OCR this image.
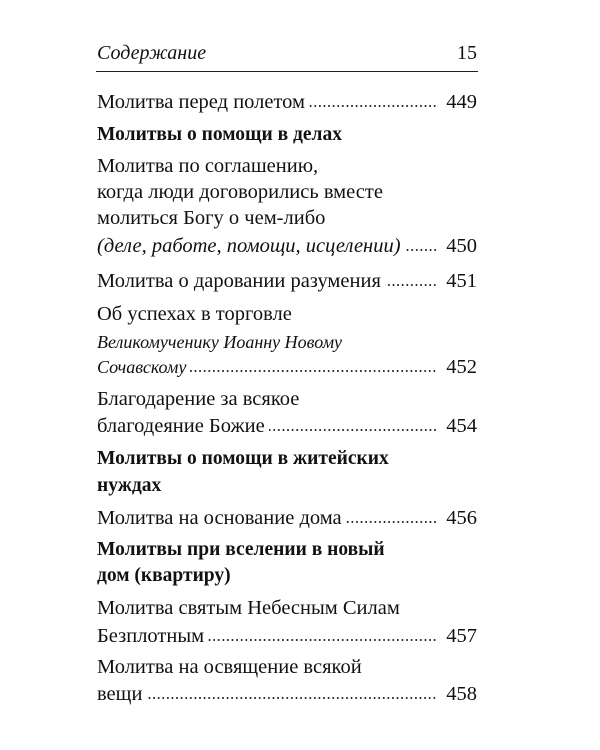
Содержание	15
Молитва перед полетом	449
Молитвы о помощи в делах
Молитва по соглашению,
когда люди договорились вместе
молиться Богу о чем-либо
(деле, работе, помощи, исцелении) 450
Молитва о даровании разумения	451
Об успехах в торговле
Великомученику Иоанну Новому
Сочавскому	452
Благодарение за всякое
благодеяние Божие	454
Молитвы о помощи в житейских
нуждах
Молитва на основание дома	456
Молитвы при вселении в новый
дом (квартиру)
Молитва святым Небесным Силам
Безплотным	457
Молитва на освящение всякой
вещи	458
